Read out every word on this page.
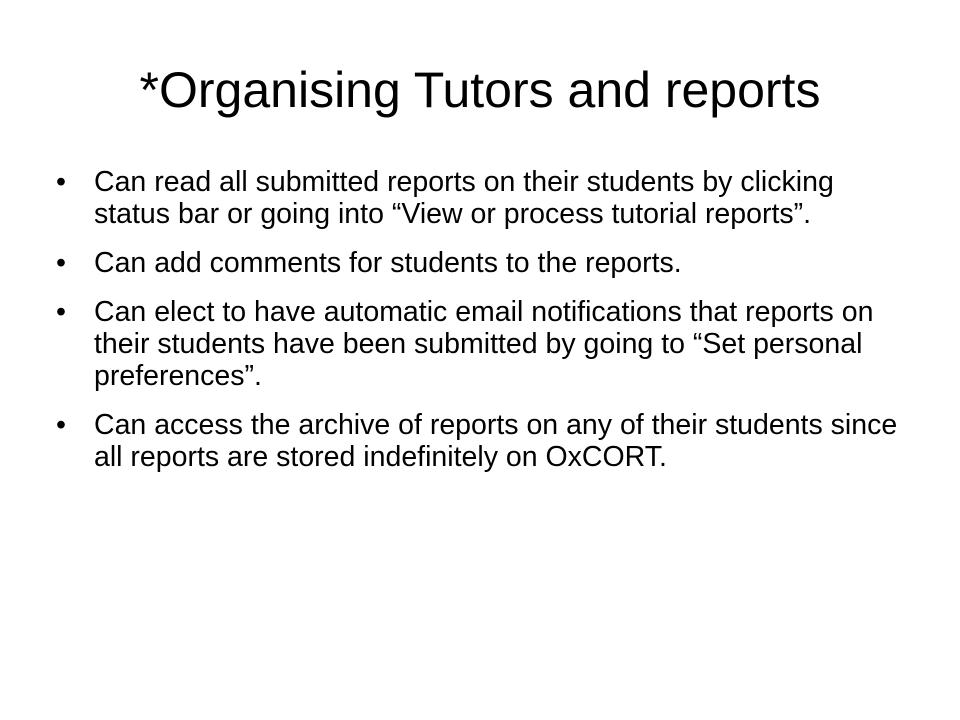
*Organising Tutors and reports
• Can read all submitted reports on their students by clicking status bar or going into “View or process tutorial reports”.
• Can add comments for students to the reports.
• Can elect to have automatic email notifications that reports on their students have been submitted by going to “Set personal preferences”.
• Can access the archive of reports on any of their students since all reports are stored indefinitely on OxCORT.
